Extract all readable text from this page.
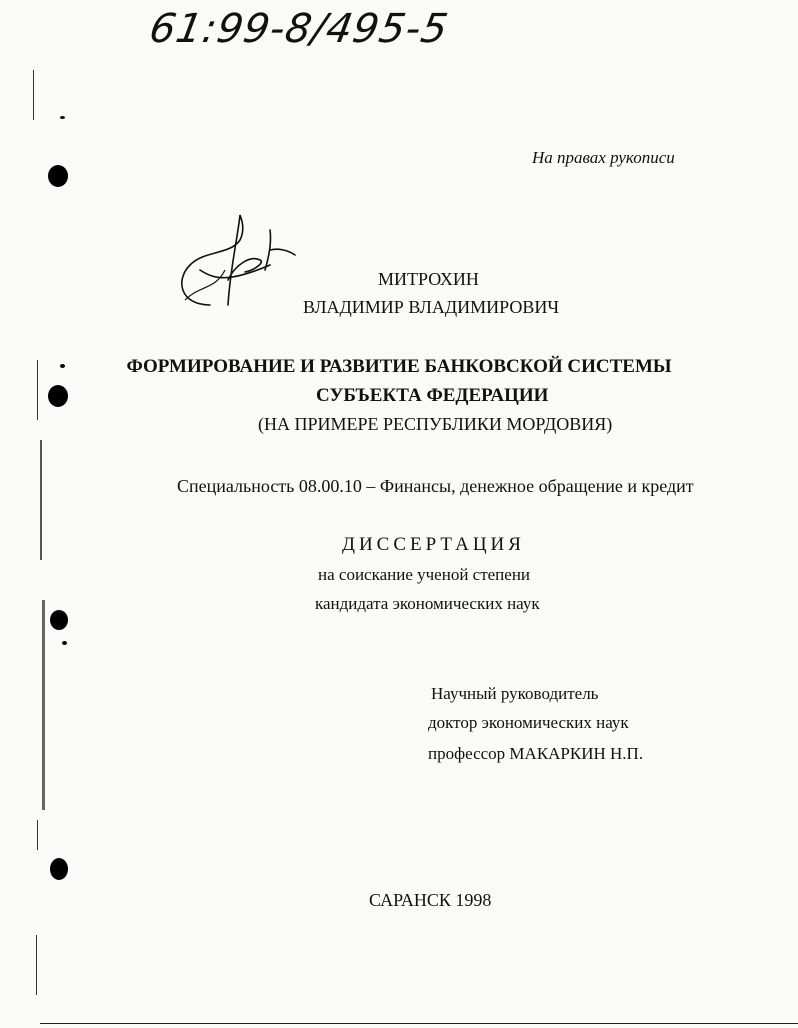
61:99-8/495-5
На правах рукописи
МИТРОХИН
ВЛАДИМИР ВЛАДИМИРОВИЧ
ФОРМИРОВАНИЕ И РАЗВИТИЕ БАНКОВСКОЙ СИСТЕМЫ
СУБЪЕКТА ФЕДЕРАЦИИ
(НА ПРИМЕРЕ РЕСПУБЛИКИ МОРДОВИЯ)
Специальность 08.00.10 – Финансы, денежное обращение и кредит
ДИССЕРТАЦИЯ
на соискание ученой степени
кандидата экономических наук
Научный руководитель
доктор экономических наук
профессор МАКАРКИН Н.П.
САРАНСК 1998
